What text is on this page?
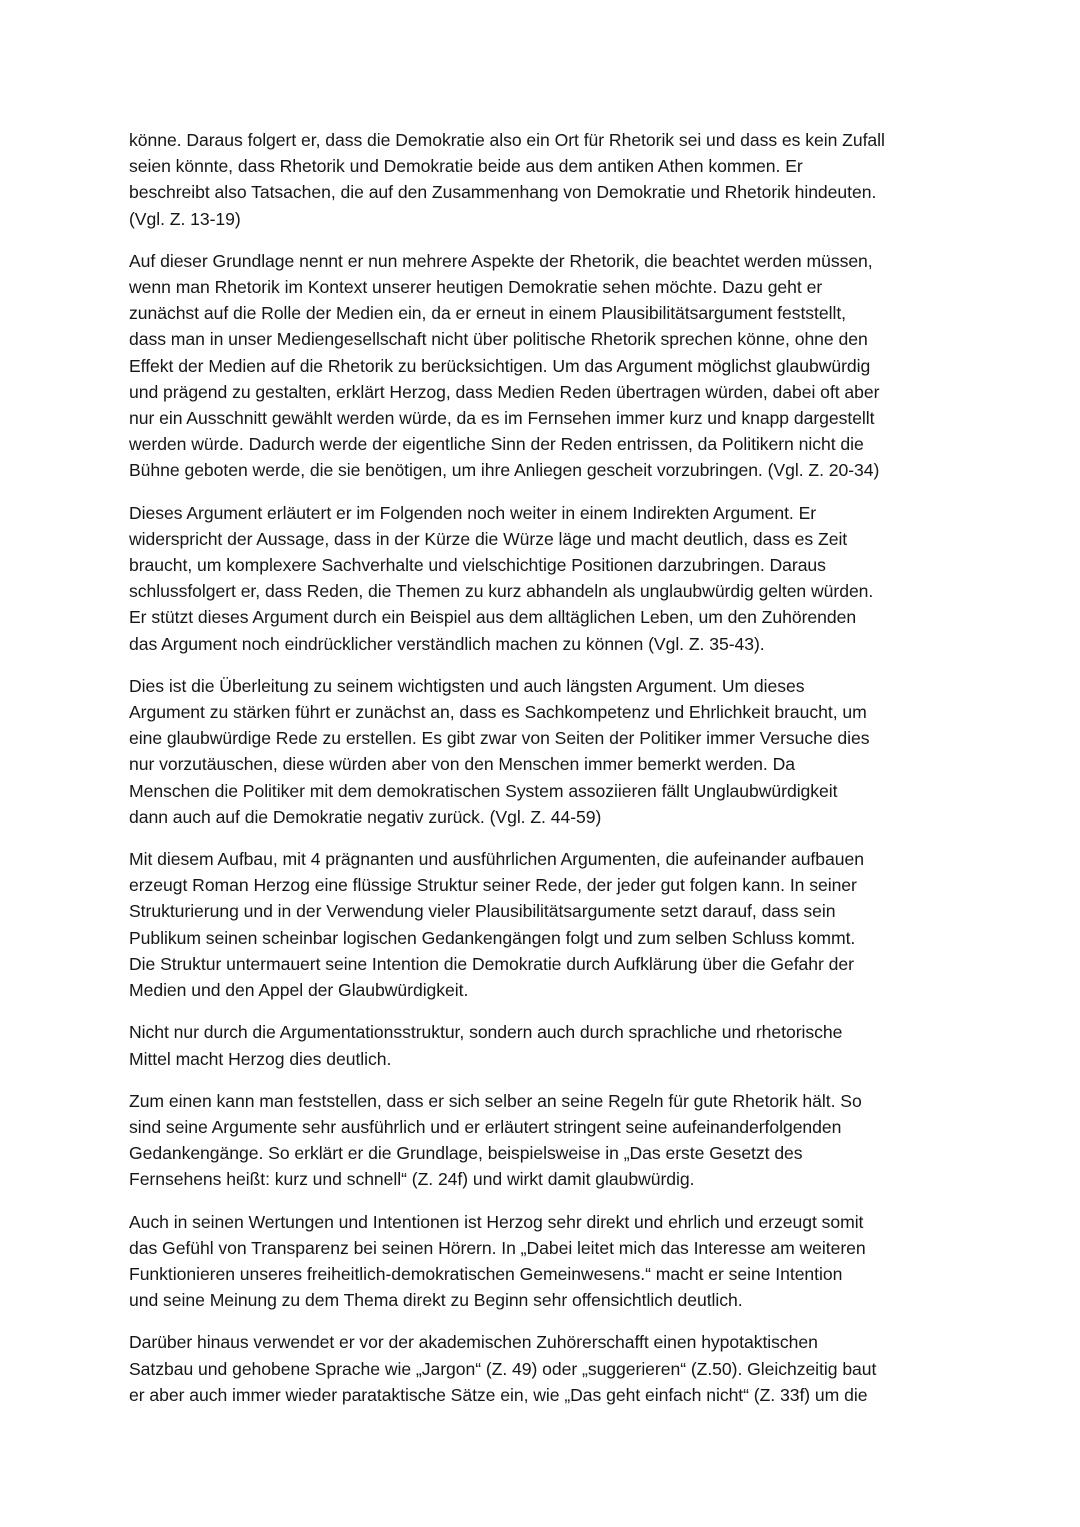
könne. Daraus folgert er, dass die Demokratie also ein Ort für Rhetorik sei und dass es kein Zufall
seien könnte, dass Rhetorik und Demokratie beide aus dem antiken Athen kommen. Er
beschreibt also Tatsachen, die auf den Zusammenhang von Demokratie und Rhetorik hindeuten.
(Vgl. Z. 13-19)

Auf dieser Grundlage nennt er nun mehrere Aspekte der Rhetorik, die beachtet werden müssen,
wenn man Rhetorik im Kontext unserer heutigen Demokratie sehen möchte. Dazu geht er
zunächst auf die Rolle der Medien ein, da er erneut in einem Plausibilitätsargument feststellt,
dass man in unser Mediengesellschaft nicht über politische Rhetorik sprechen könne, ohne den
Effekt der Medien auf die Rhetorik zu berücksichtigen. Um das Argument möglichst glaubwürdig
und prägend zu gestalten, erklärt Herzog, dass Medien Reden übertragen würden, dabei oft aber
nur ein Ausschnitt gewählt werden würde, da es im Fernsehen immer kurz und knapp dargestellt
werden würde. Dadurch werde der eigentliche Sinn der Reden entrissen, da Politikern nicht die
Bühne geboten werde, die sie benötigen, um ihre Anliegen gescheit vorzubringen. (Vgl. Z. 20-34)

Dieses Argument erläutert er im Folgenden noch weiter in einem Indirekten Argument. Er
widerspricht der Aussage, dass in der Kürze die Würze läge und macht deutlich, dass es Zeit
braucht, um komplexere Sachverhalte und vielschichtige Positionen darzubringen. Daraus
schlussfolgert er, dass Reden, die Themen zu kurz abhandeln als unglaubwürdig gelten würden.
Er stützt dieses Argument durch ein Beispiel aus dem alltäglichen Leben, um den Zuhörenden
das Argument noch eindrücklicher verständlich machen zu können (Vgl. Z. 35-43).

Dies ist die Überleitung zu seinem wichtigsten und auch längsten Argument. Um dieses
Argument zu stärken führt er zunächst an, dass es Sachkompetenz und Ehrlichkeit braucht, um
eine glaubwürdige Rede zu erstellen. Es gibt zwar von Seiten der Politiker immer Versuche dies
nur vorzutäuschen, diese würden aber von den Menschen immer bemerkt werden. Da
Menschen die Politiker mit dem demokratischen System assoziieren fällt Unglaubwürdigkeit
dann auch auf die Demokratie negativ zurück. (Vgl. Z. 44-59)

Mit diesem Aufbau, mit 4 prägnanten und ausführlichen Argumenten, die aufeinander aufbauen
erzeugt Roman Herzog eine flüssige Struktur seiner Rede, der jeder gut folgen kann. In seiner
Strukturierung und in der Verwendung vieler Plausibilitätsargumente setzt darauf, dass sein
Publikum seinen scheinbar logischen Gedankengängen folgt und zum selben Schluss kommt.
Die Struktur untermauert seine Intention die Demokratie durch Aufklärung über die Gefahr der
Medien und den Appel der Glaubwürdigkeit.

Nicht nur durch die Argumentationsstruktur, sondern auch durch sprachliche und rhetorische
Mittel macht Herzog dies deutlich.

Zum einen kann man feststellen, dass er sich selber an seine Regeln für gute Rhetorik hält. So
sind seine Argumente sehr ausführlich und er erläutert stringent seine aufeinanderfolgenden
Gedankengänge. So erklärt er die Grundlage, beispielsweise in „Das erste Gesetzt des
Fernsehens heißt: kurz und schnell“ (Z. 24f) und wirkt damit glaubwürdig.

Auch in seinen Wertungen und Intentionen ist Herzog sehr direkt und ehrlich und erzeugt somit
das Gefühl von Transparenz bei seinen Hörern. In „Dabei leitet mich das Interesse am weiteren
Funktionieren unseres freiheitlich-demokratischen Gemeinwesens.“ macht er seine Intention
und seine Meinung zu dem Thema direkt zu Beginn sehr offensichtlich deutlich.

Darüber hinaus verwendet er vor der akademischen Zuhörerschafft einen hypotaktischen
Satzbau und gehobene Sprache wie „Jargon“ (Z. 49) oder „suggerieren“ (Z.50). Gleichzeitig baut
er aber auch immer wieder parataktische Sätze ein, wie „Das geht einfach nicht“ (Z. 33f) um die
